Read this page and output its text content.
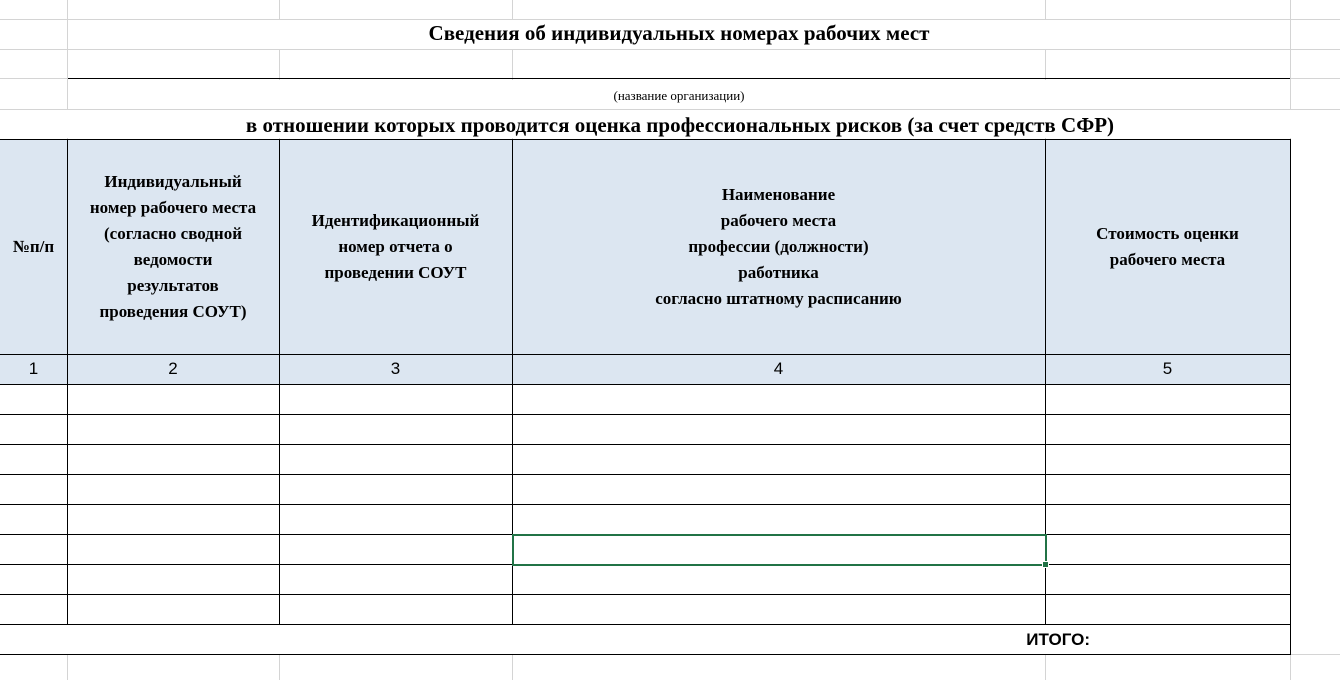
Сведения об индивидуальных номерах рабочих мест
(название организации)
в отношении которых проводится оценка профессиональных рисков (за счет средств СФР)
№п/п
1
Индивидуальный
номер рабочего места
(согласно сводной
ведомости
результатов
проведения СОУТ)
2
Идентификационный
номер отчета о
проведении СОУТ
3
Наименование
рабочего места
профессии (должности)
работника
согласно штатному расписанию
4
Стоимость оценки
рабочего места
5
ИТОГО:
